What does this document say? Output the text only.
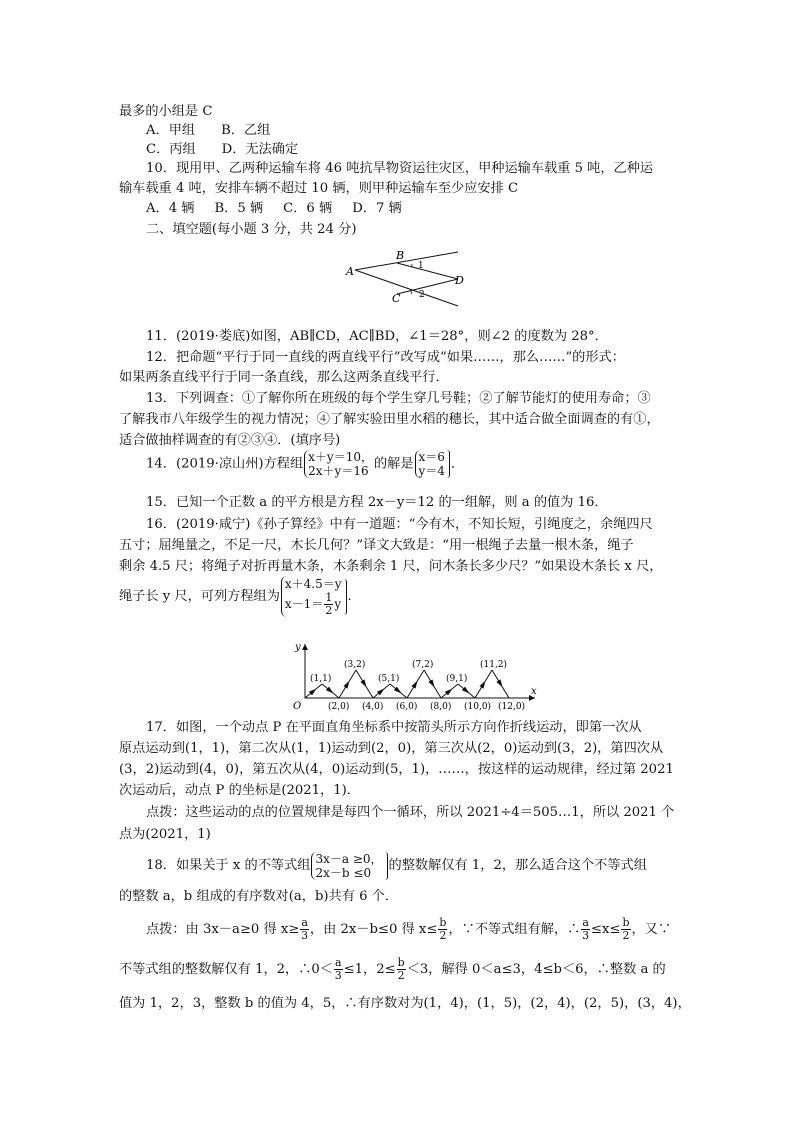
最多的小组是 C
A．甲组 B．乙组
C．丙组 D．无法确定
10．现用甲、乙两种运输车将 46 吨抗旱物资运往灾区，甲种运输车载重 5 吨，乙种运
输车载重 4 吨，安排车辆不超过 10 辆，则甲种运输车至少应安排 C
A．4 辆 B．5 辆 C．6 辆 D．7 辆
二、填空题(每小题 3 分，共 24 分)
A
B
C
D
1
2
11．(2019·娄底)如图，AB∥CD，AC∥BD，∠1＝28°，则∠2 的度数为 28°．
12．把命题“平行于同一直线的两直线平行”改写成“如果……，那么……”的形式：
如果两条直线平行于同一条直线，那么这两条直线平行．
13．下列调查：①了解你所在班级的每个学生穿几号鞋；②了解节能灯的使用寿命；③
了解我市八年级学生的视力情况；④了解实验田里水稻的穗长，其中适合做全面调查的有①，
适合做抽样调查的有②③④．(填序号)
14．(2019·凉山州)方程组 x＋y＝10，
2x＋y＝16 的解是 x＝6
y＝4 ．
15．已知一个正数 a 的平方根是方程 2x－y＝12 的一组解，则 a 的值为 16．
16．(2019·咸宁)《孙子算经》中有一道题：“今有木，不知长短，引绳度之，余绳四尺
五寸；屈绳量之，不足一尺，木长几何？”译文大致是：“用一根绳子去量一根木条，绳子
剩余 4.5 尺；将绳子对折再量木条，木条剩余 1 尺，问木条长多少尺？”如果设木条长 x 尺，
绳子长 y 尺，可列方程组为
x＋4.5＝y
$x-1= \frac{1}{2}$ y ．
x
y
O
(1,1)
(3,2)
(5,1)
(7,2)
(9,1)
(11,2)
(2,0) (4,0) (6,0) (8,0) (10,0) (12,0)
17．如图，一个动点 P 在平面直角坐标系中按箭头所示方向作折线运动，即第一次从
原点运动到(1，1)，第二次从(1，1)运动到(2，0)，第三次从(2，0)运动到(3，2)，第四次从
(3，2)运动到(4，0)，第五次从(4，0)运动到(5，1)，……，按这样的运动规律，经过第 2021
次运动后，动点 P 的坐标是(2021，1)．
点拨：这些运动的点的位置规律是每四个一循环，所以 2021÷4＝505…1，所以 2021 个
点为(2021，1)
18．如果关于 x 的不等式组 3x－a ≥0，
2x－b ≤0	的整数解仅有 1，2，那么适合这个不等式组
的整数 a，b 组成的有序数对(a，b)共有 6 个．
点拨：由 3x－a≥0 得 $x\ge \frac{a}{3}$ ，由 2x－b≤0 得 $x\le \frac{b}{2}$ ，∵不等式组有解，∴ $\frac{a}{3} \le x\le \frac{b}{2}$ ，又∵
不等式组的整数解仅有 1，2，∴0＜ $\frac{a}{3} \le 1$，$2\le \frac{b}{2} <3$，解得 0＜a≤3，4≤b＜6，∴整数 a 的
值为 1，2，3，整数 b 的值为 4，5，∴有序数对为(1，4)，(1，5)，(2，4)，(2，5)，(3，4)，
